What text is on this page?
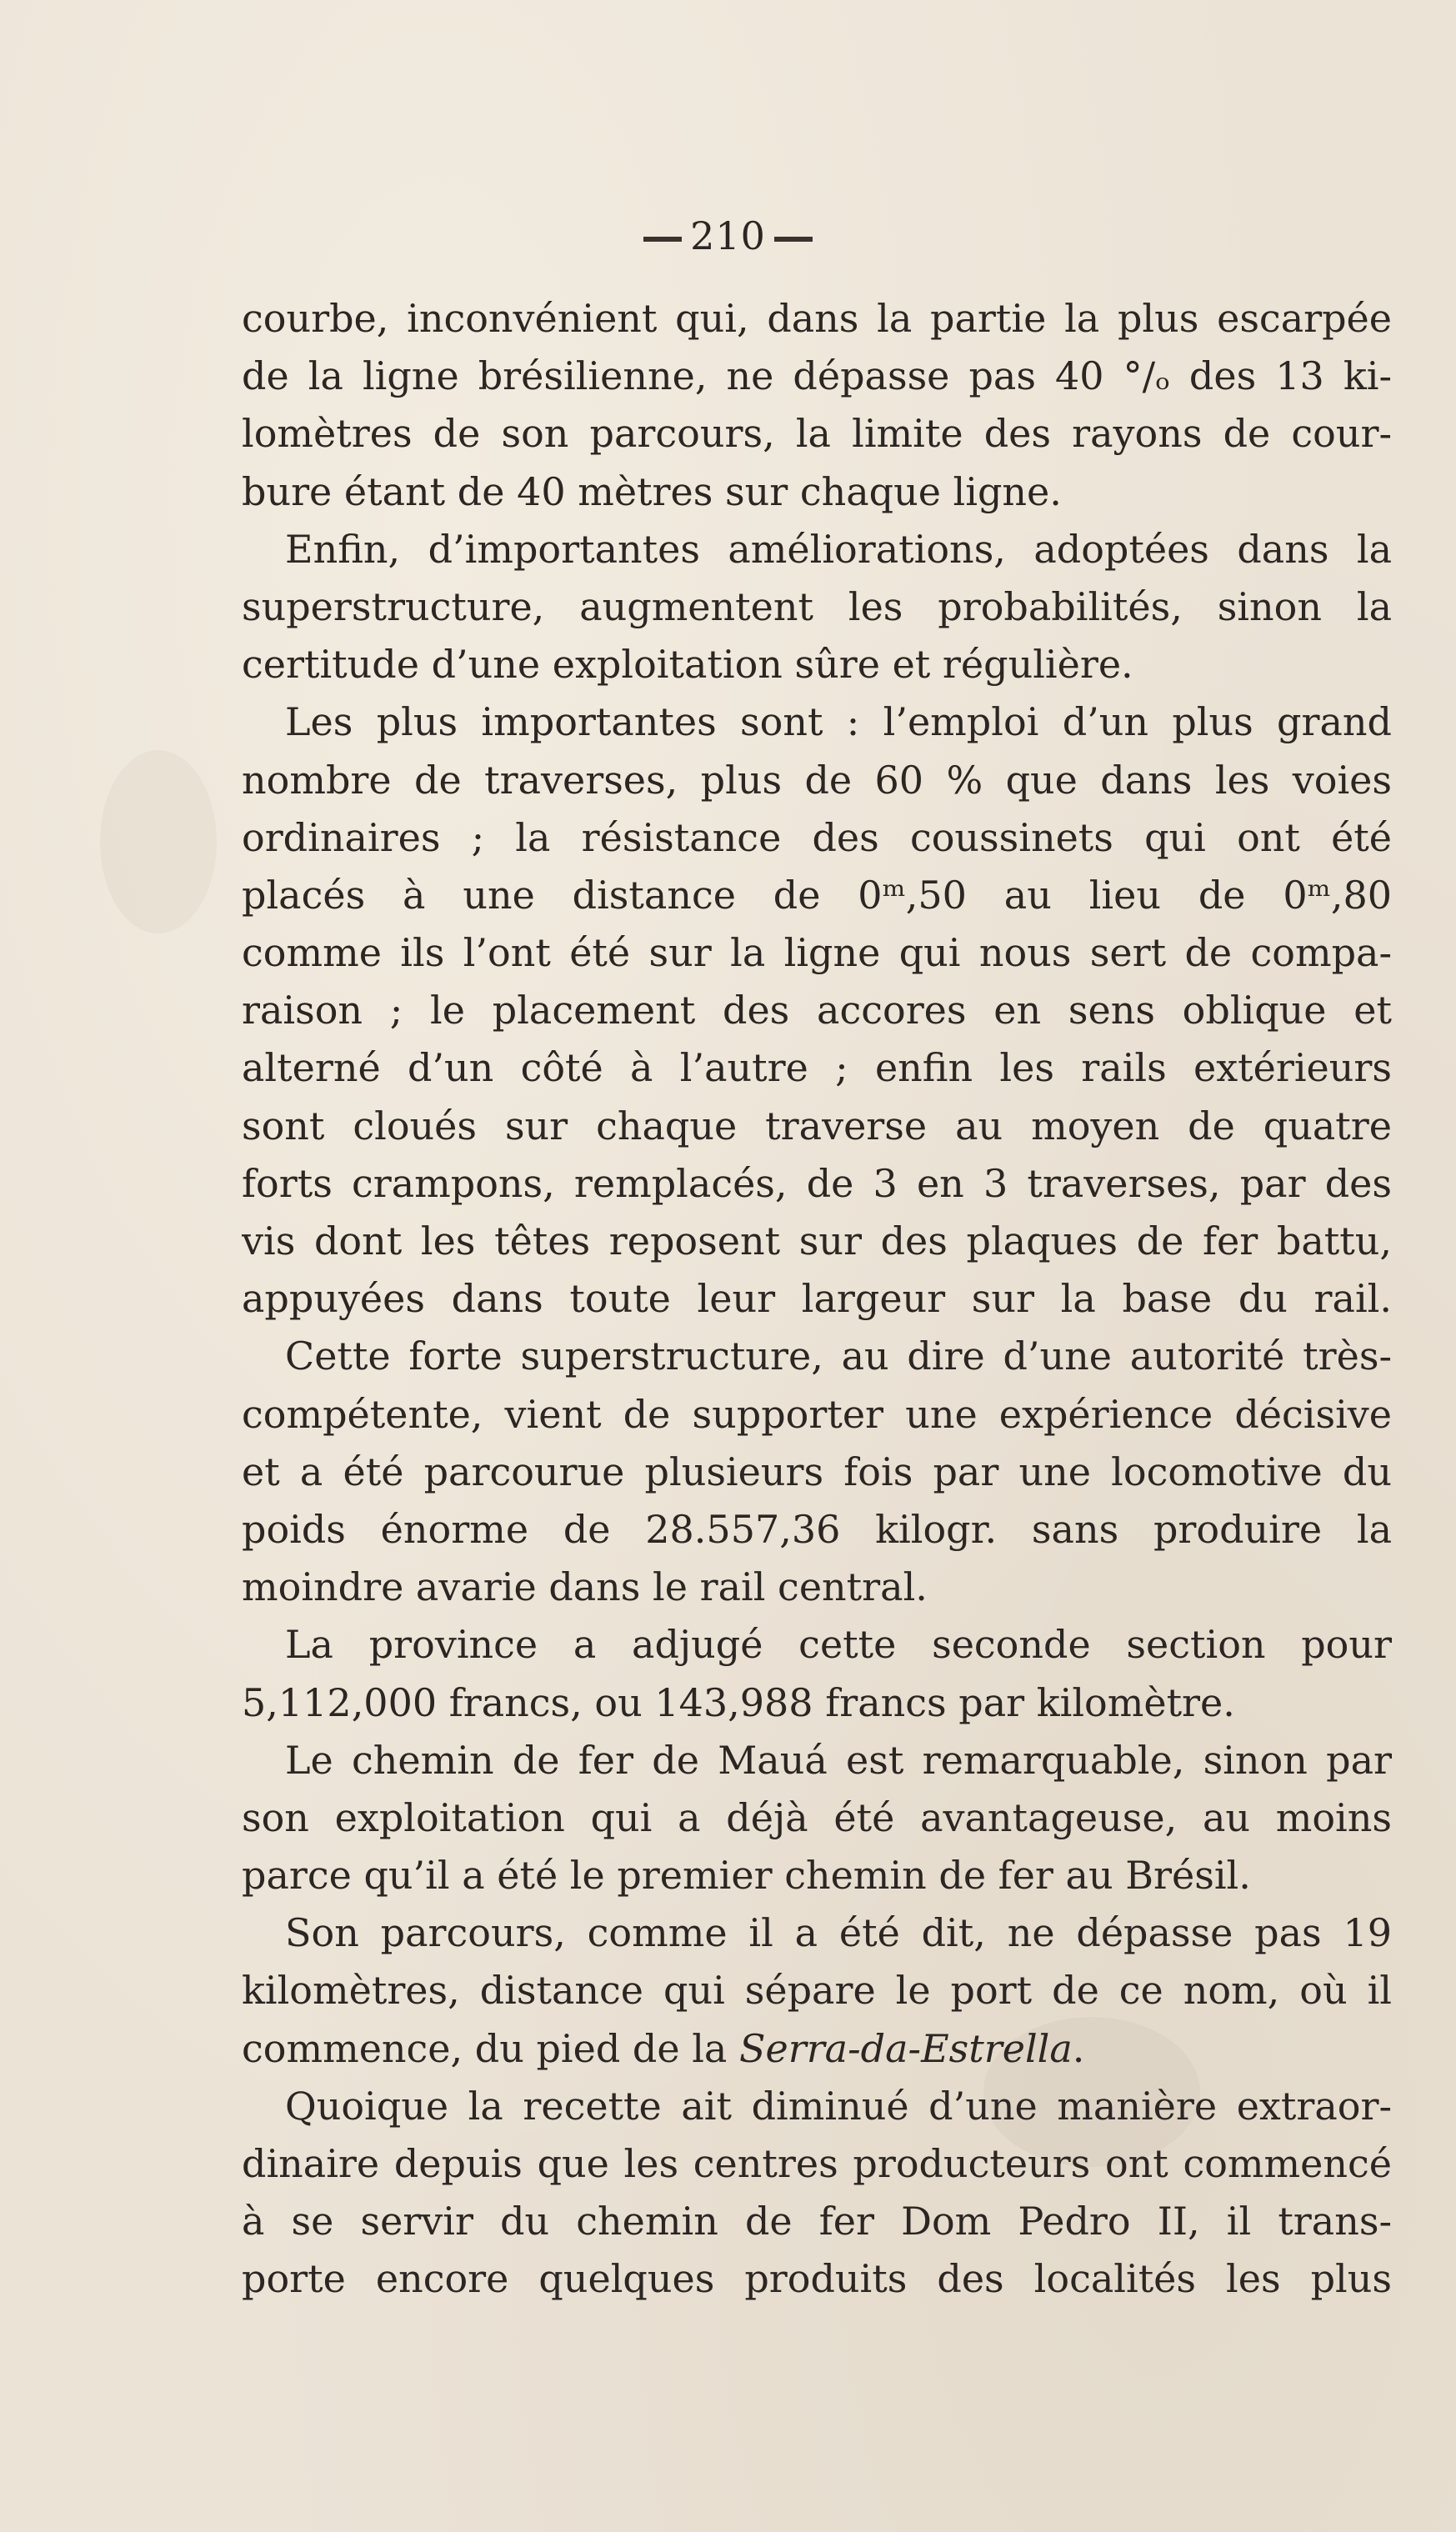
210
courbe, inconvénient qui, dans la partie la plus escarpée
de la ligne brésilienne, ne dépasse pas 40 °/ₒ des 13 ki-
lomètres de son parcours, la limite des rayons de cour-
bure étant de 40 mètres sur chaque ligne.
Enfin, d’importantes améliorations, adoptées dans la
superstructure, augmentent les probabilités, sinon la
certitude d’une exploitation sûre et régulière.
Les plus importantes sont : l’emploi d’un plus grand
nombre de traverses, plus de 60 % que dans les voies
ordinaires ; la résistance des coussinets qui ont été
placés à une distance de 0ᵐ,50 au lieu de 0ᵐ,80
comme ils l’ont été sur la ligne qui nous sert de compa-
raison ; le placement des accores en sens oblique et
alterné d’un côté à l’autre ; enfin les rails extérieurs
sont cloués sur chaque traverse au moyen de quatre
forts crampons, remplacés, de 3 en 3 traverses, par des
vis dont les têtes reposent sur des plaques de fer battu,
appuyées dans toute leur largeur sur la base du rail.
Cette forte superstructure, au dire d’une autorité très-
compétente, vient de supporter une expérience décisive
et a été parcourue plusieurs fois par une locomotive du
poids énorme de 28.557,36 kilogr. sans produire la
moindre avarie dans le rail central.
La province a adjugé cette seconde section pour
5,112,000 francs, ou 143,988 francs par kilomètre.
Le chemin de fer de Mauá est remarquable, sinon par
son exploitation qui a déjà été avantageuse, au moins
parce qu’il a été le premier chemin de fer au Brésil.
Son parcours, comme il a été dit, ne dépasse pas 19
kilomètres, distance qui sépare le port de ce nom, où il
commence, du pied de la Serra-da-Estrella.
Quoique la recette ait diminué d’une manière extraor-
dinaire depuis que les centres producteurs ont commencé
à se servir du chemin de fer Dom Pedro II, il trans-
porte encore quelques produits des localités les plus
